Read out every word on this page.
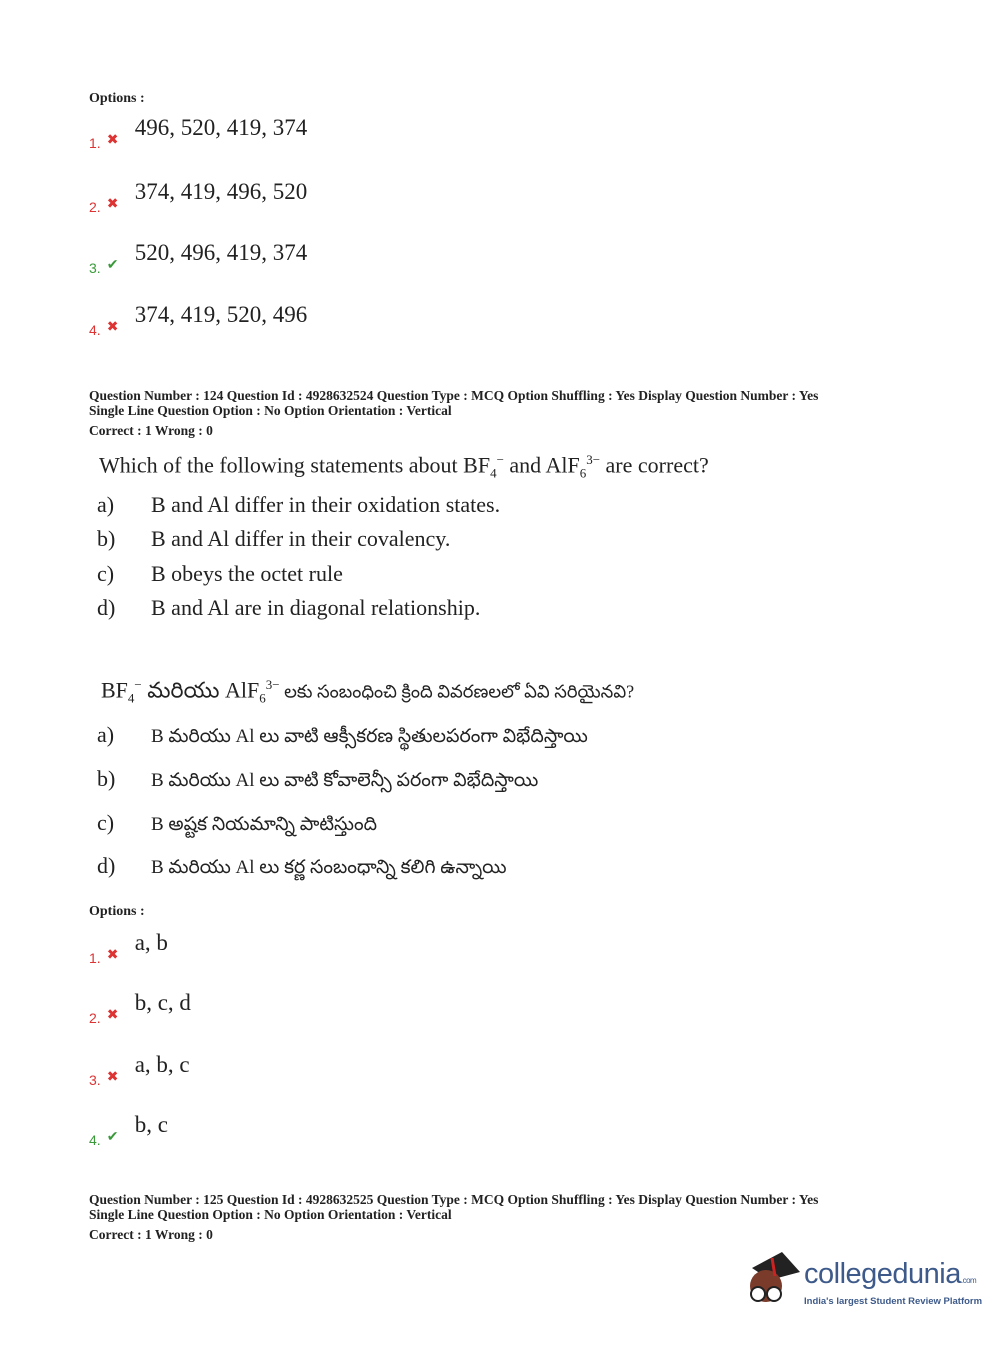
Options :
1. ✖
496, 520, 419, 374
2. ✖
374, 419, 496, 520
3. ✔
520, 496, 419, 374
4. ✖
374, 419, 520, 496
Question Number : 124 Question Id : 4928632524 Question Type : MCQ Option Shuffling : Yes Display Question Number : Yes
Single Line Question Option : No Option Orientation : Vertical
Correct : 1 Wrong : 0
Which of the following statements about $BF_4^-$ and AlF$_6^{3-}$ are correct?
a) B and Al differ in their oxidation states.
b) B and Al differ in their covalency.
c) B obeys the octet rule
d) B and Al are in diagonal relationship.
$BF_4^-$ మరియు AlF$_6^{3-}$ లకు సంబంధించి క్రింది వివరణలలో ఏవి సరియైనవి?
a) B మరియు Al లు వాటి ఆక్సీకరణ స్థితులపరంగా విభేదిస్తాయి
b) B మరియు Al లు వాటి కోవాలెన్సీ పరంగా విభేదిస్తాయి
c) B అష్టక నియమాన్ని పాటిస్తుంది
d) B మరియు Al లు కర్ణ సంబంధాన్ని కలిగి ఉన్నాయి
Options :
1. ✖
a, b
2. ✖
b, c, d
3. ✖
a, b, c
4. ✔
b, c
Question Number : 125 Question Id : 4928632525 Question Type : MCQ Option Shuffling : Yes Display Question Number : Yes
Single Line Question Option : No Option Orientation : Vertical
Correct : 1 Wrong : 0
collegedunia.com
India's largest Student Review Platform
